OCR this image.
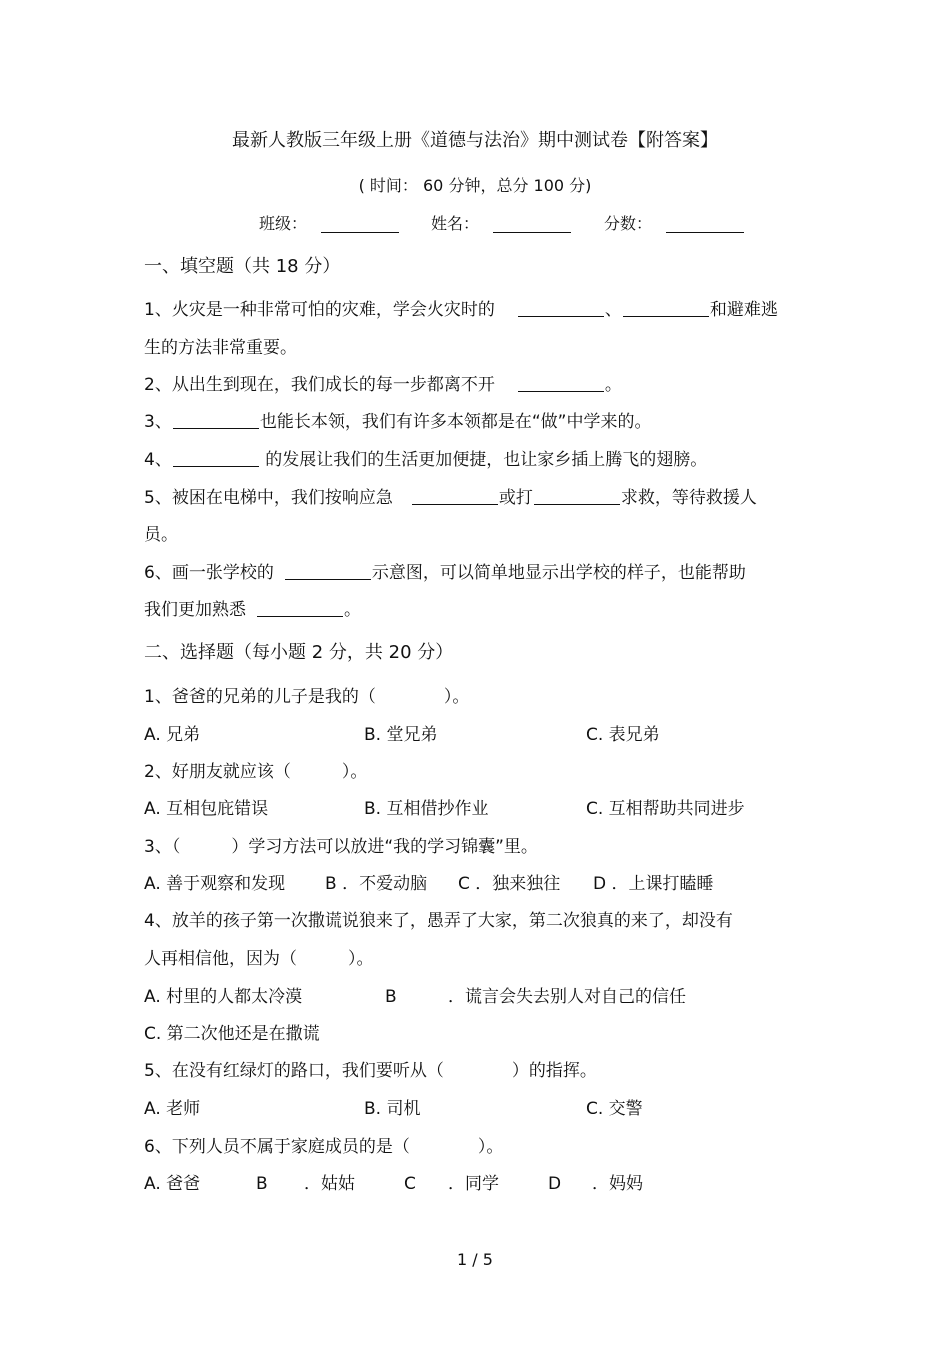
最新人教版三年级上册《道德与法治》期中测试卷【附答案】
( 时间： 60 分钟，总分 100 分)
班级：	姓名：	分数：
一、填空题（共 18 分）
1、火灾是一种非常可怕的灾难，学会火灾时的	、	和避难逃
生的方法非常重要。
2、从出生到现在，我们成长的每一步都离不开	。
3、	也能长本领，我们有许多本领都是在“做”中学来的。
4、	的发展让我们的生活更加便捷，也让家乡插上腾飞的翅膀。
5、被困在电梯中，我们按响应急	或打	求救，等待救援人
员。
6、画一张学校的	示意图，可以简单地显示出学校的样子，也能帮助
我们更加熟悉	。
二、选择题（每小题 2 分，共 20 分）
1、爸爸的兄弟的儿子是我的（　　　　）。
A. 兄弟	B. 堂兄弟	C. 表兄弟
2、好朋友就应该（　　　）。
A. 互相包庇错误	B. 互相借抄作业	C. 互相帮助共同进步
3、（　　　）学习方法可以放进“我的学习锦囊”里。
A. 善于观察和发现 B ．不爱动脑 C ．独来独往 D ．上课打瞌睡
4、放羊的孩子第一次撒谎说狼来了，愚弄了大家，第二次狼真的来了，却没有
人再相信他，因为（　　　）。
A. 村里的人都太冷漠	B	．谎言会失去别人对自己的信任
C. 第二次他还是在撒谎
5、在没有红绿灯的路口，我们要听从（　　　　）的指挥。
A. 老师	B. 司机	C. 交警
6、下列人员不属于家庭成员的是（　　　　）。
A. 爸爸	B ．姑姑	C ．同学	D ．妈妈
1 / 5
